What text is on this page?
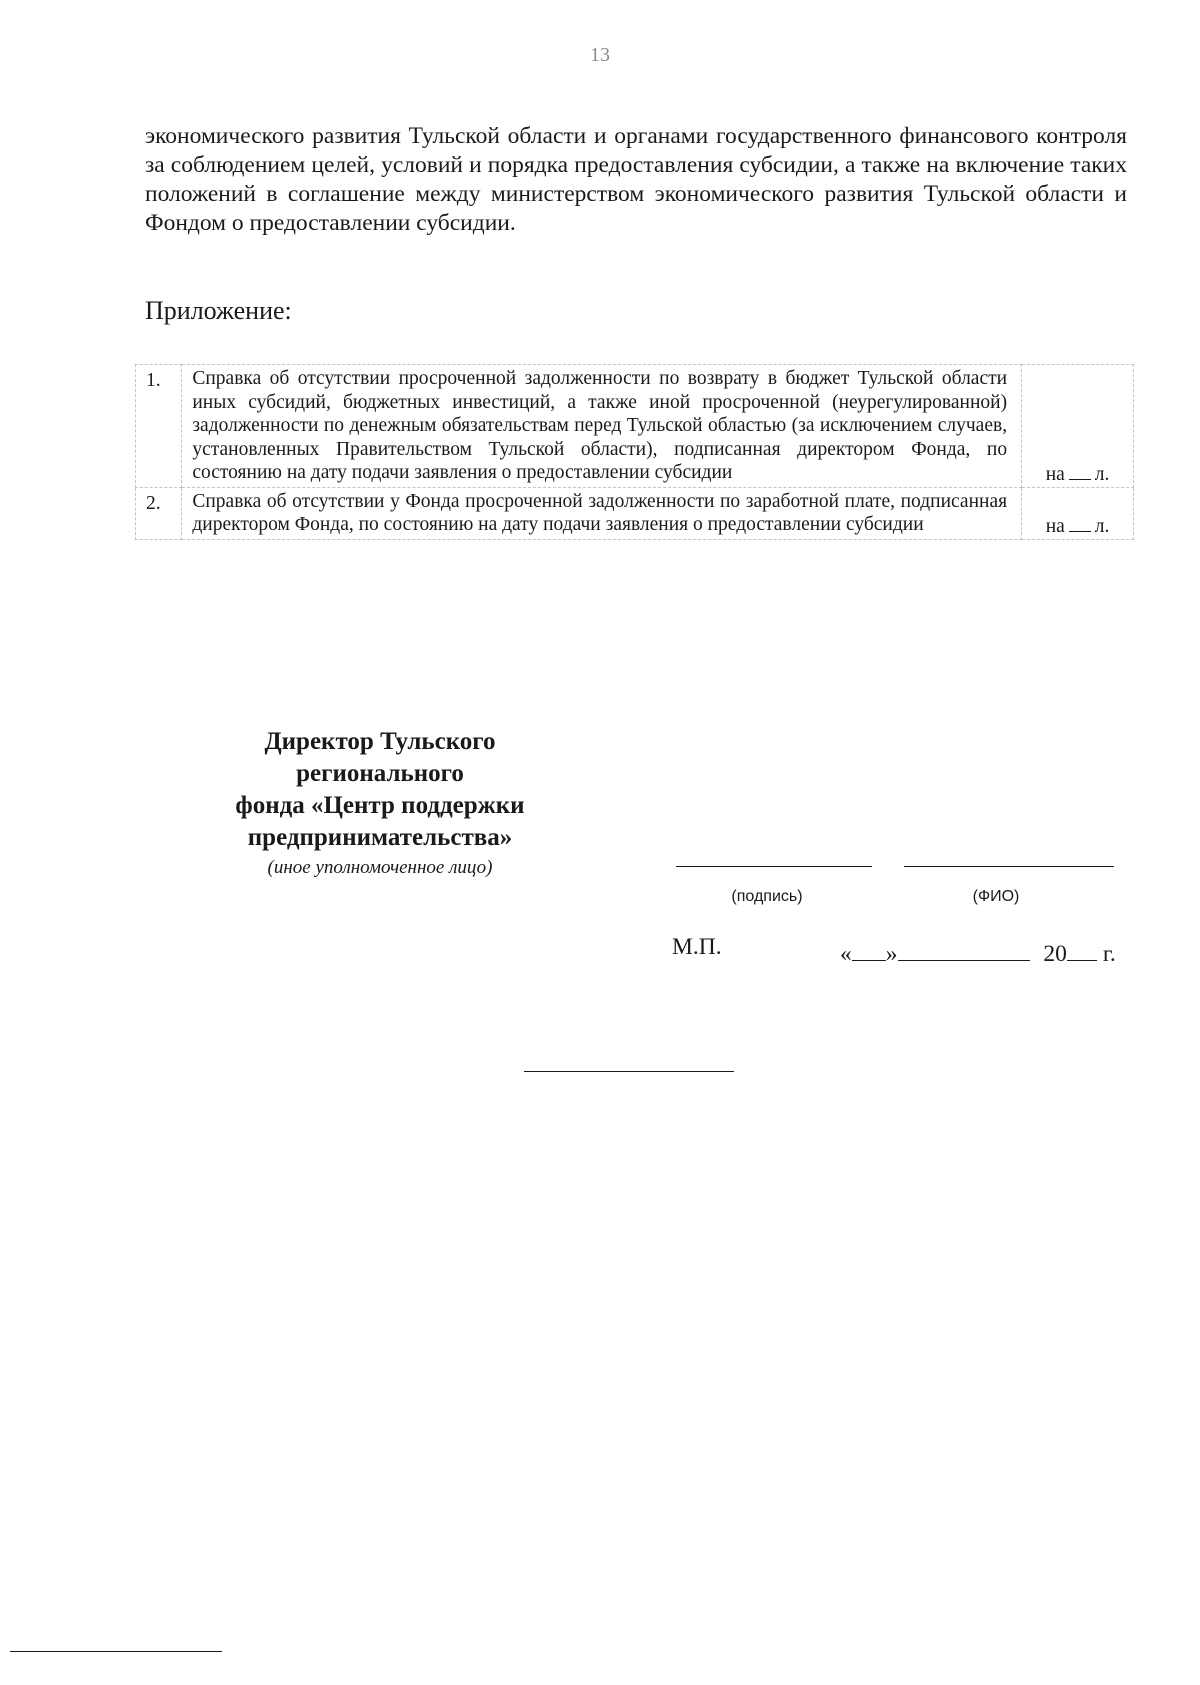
13
экономического развития Тульской области и органами государственного финансового контроля за соблюдением целей, условий и порядка предоставления субсидии, а также на включение таких положений в соглашение между министерством экономического развития Тульской области и Фондом о предоставлении субсидии.
Приложение:
1.	Справка об отсутствии просроченной задолженности по возврату в бюджет Тульской области иных субсидий, бюджетных инвестиций, а также иной просроченной (неурегулированной) задолженности по денежным обязательствам перед Тульской областью (за исключением случаев, установленных Правительством Тульской области), подписанная директором Фонда, по состоянию на дату подачи заявления о предоставлении субсидии	на л.
2.	Справка об отсутствии у Фонда просроченной задолженности по заработной плате, подписанная директором Фонда, по состоянию на дату подачи заявления о предоставлении субсидии	на л.
Директор Тульского
регионального
фонда «Центр поддержки
предпринимательства»
(иное уполномоченное лицо)
(подпись)	(ФИО)
М.П.	« »	20 г.
